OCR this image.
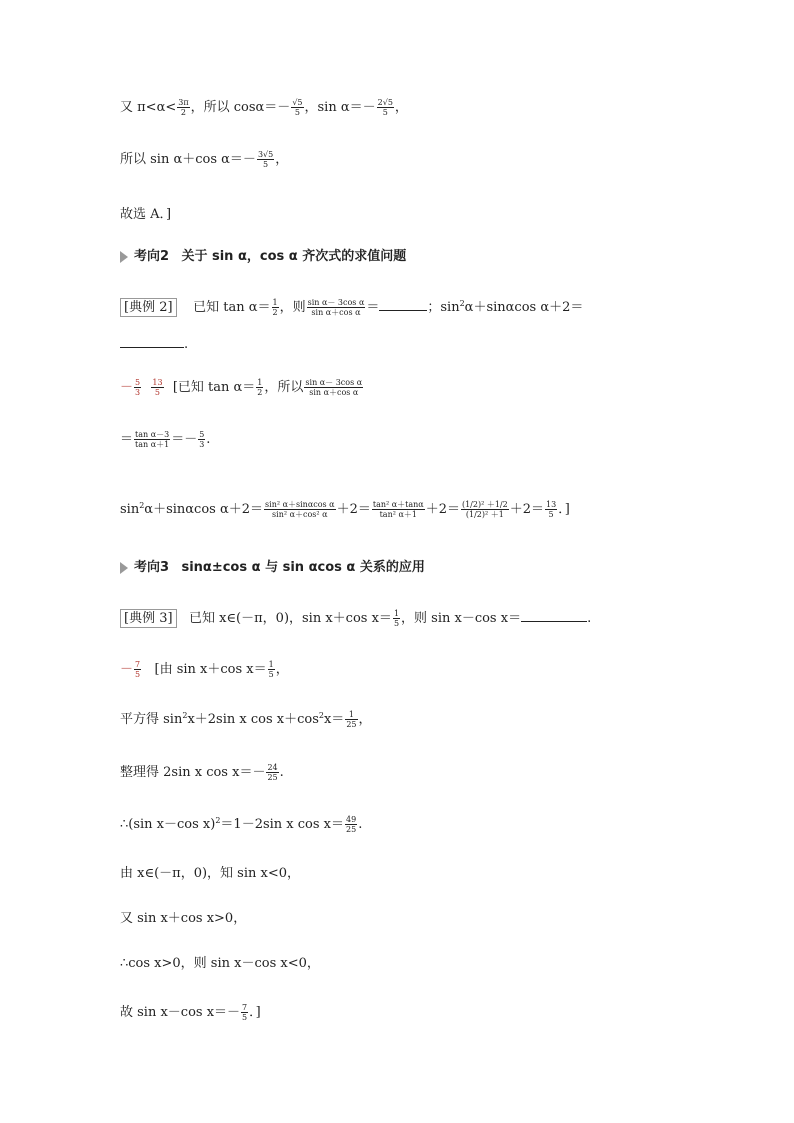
又 $\pi<\alpha< \frac{3\pi}{2}$ ，所以 $\cos\alpha=- \frac{√5}{5}$ ，$\sin \alpha=- \frac{2√5}{5}$ ，
所以 sin α＋cos $\alpha=- \frac{3√5}{5}$ ，
故选 A．]
考向2 关于 sin α，cos α 齐次式的求值问题
[典例 2] 已知 $\tan \alpha= \frac{1}{2}$ ，则 $\frac{\text{sin α－ 3cos α}}{\text{sin α＋cos α}}$ ＝	；$\sin^2\alpha+\sin\alpha\cos$ α＋2＝
.
－ $\frac{5}{3}$
$\frac{13}{5}$ [已知 $\tan \alpha= \frac{1}{2}$ ，所以 $\frac{\text{sin α－ 3cos α}}{\text{sin α＋cos α}}$
＝ $\frac{\text{tan α－3}}{\text{tan α＋1}} =- \frac{5}{3}$ .
$\sin^2\alpha+\sin\alpha\cos$ $\alpha+2= \frac{\text{sin² α＋sinαcos α}}{\text{sin² α＋cos² α}} +2= \frac{\text{tan² α＋tanα}}{\text{tan² α＋1}} +2= \frac{\text{(1/2)² ＋1/2}}{\text{(1/2)² ＋1}} +2= \frac{13}{5}$ ．]
考向3 sinα±cos α 与 sin αcos α 关系的应用
[典例 3] 已知 x∈(－π，0)，sin x＋cos $x= \frac{1}{5}$ ，则 sin x－cos x＝	.
－ $\frac{7}{5}$ [由 sin x＋cos $x= \frac{1}{5}$ ，
平方得 $\sin^2x+2\sin$ x $\cos x+\cos^2x= \frac{1}{25}$ ，
整理得 2sin x $\cos x=- \frac{24}{25}$ .
∴(sin x－cos x)$^2$＝1－2sin x $\cos x= \frac{49}{25}$ .
由 x∈(－π，0)，知 sin x<0，
又 sin x＋cos x>0，
∴cos x>0，则 sin x－cos x<0，
故 sin x－cos $x=- \frac{7}{5}$ ．]
